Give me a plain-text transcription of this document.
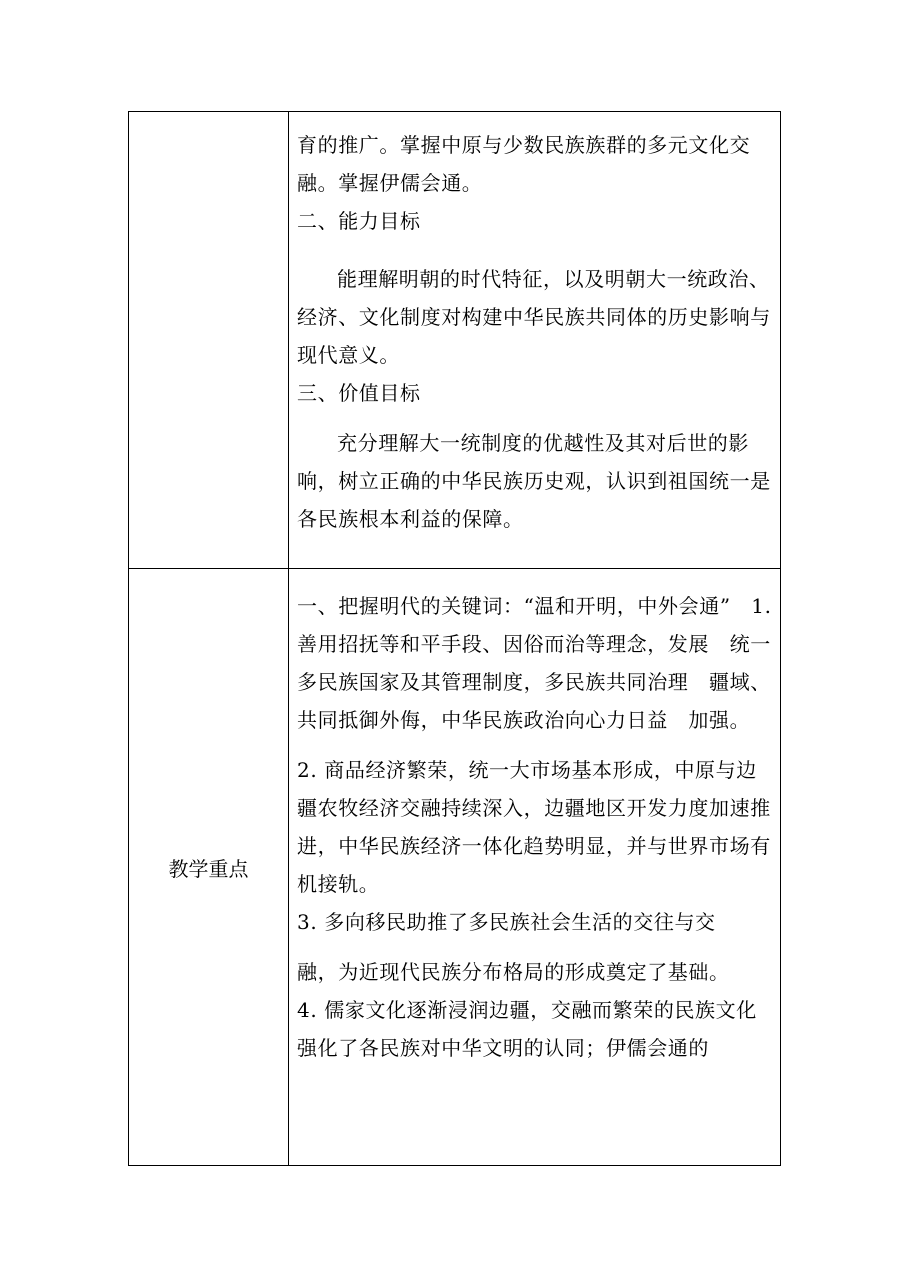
	育的推广。掌握中原与少数民族族群的多元文化交融。掌握伊儒会通。

二、能力目标

能理解明朝的时代特征，以及明朝大一统政治、经济、文化制度对构建中华民族共同体的历史影响与现代意义。

三、价值目标

充分理解大一统制度的优越性及其对后世的影响，树立正确的中华民族历史观，认识到祖国统一是各民族根本利益的保障。

教学重点	一、把握明代的关键词：“温和开明，中外会通”　1. 善用招抚等和平手段、因俗而治等理念，发展　统一多民族国家及其管理制度，多民族共同治理　疆域、共同抵御外侮，中华民族政治向心力日益　加强。

2. 商品经济繁荣，统一大市场基本形成，中原与边疆农牧经济交融持续深入，边疆地区开发力度加速推进，中华民族经济一体化趋势明显，并与世界市场有机接轨。

3. 多向移民助推了多民族社会生活的交往与交

融，为近现代民族分布格局的形成奠定了基础。

4. 儒家文化逐渐浸润边疆，交融而繁荣的民族文化强化了各民族对中华文明的认同；伊儒会通的
